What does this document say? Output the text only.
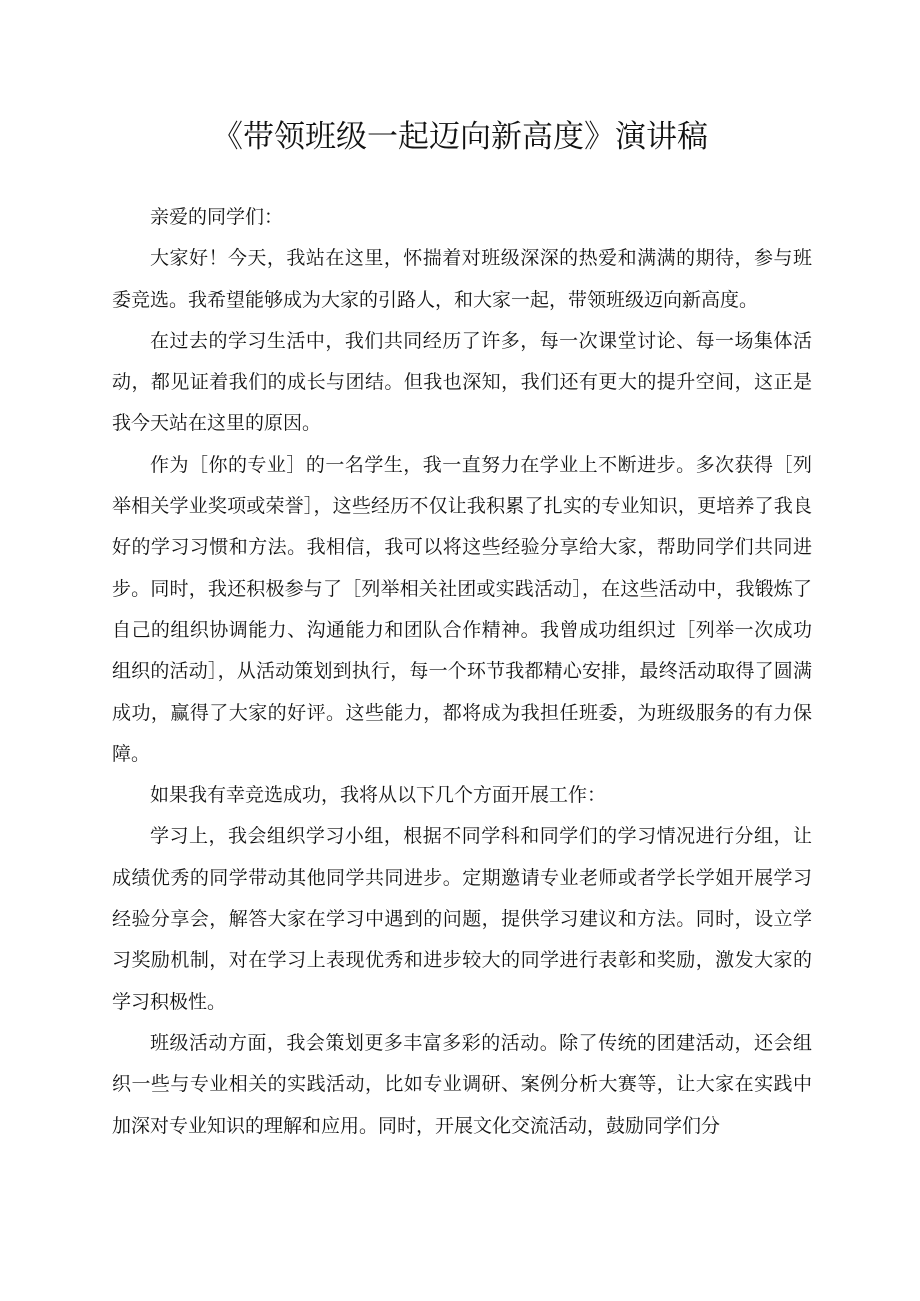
《带领班级一起迈向新高度》演讲稿

亲爱的同学们：

大家好！今天，我站在这里，怀揣着对班级深深的热爱和满满的期待，参与班委竞选。我希望能够成为大家的引路人，和大家一起，带领班级迈向新高度。

在过去的学习生活中，我们共同经历了许多，每一次课堂讨论、每一场集体活动，都见证着我们的成长与团结。但我也深知，我们还有更大的提升空间，这正是我今天站在这里的原因。

作为［你的专业］的一名学生，我一直努力在学业上不断进步。多次获得［列举相关学业奖项或荣誉］，这些经历不仅让我积累了扎实的专业知识，更培养了我良好的学习习惯和方法。我相信，我可以将这些经验分享给大家，帮助同学们共同进步。同时，我还积极参与了［列举相关社团或实践活动］，在这些活动中，我锻炼了自己的组织协调能力、沟通能力和团队合作精神。我曾成功组织过［列举一次成功组织的活动］，从活动策划到执行，每一个环节我都精心安排，最终活动取得了圆满成功，赢得了大家的好评。这些能力，都将成为我担任班委，为班级服务的有力保障。

如果我有幸竞选成功，我将从以下几个方面开展工作：

学习上，我会组织学习小组，根据不同学科和同学们的学习情况进行分组，让成绩优秀的同学带动其他同学共同进步。定期邀请专业老师或者学长学姐开展学习经验分享会，解答大家在学习中遇到的问题，提供学习建议和方法。同时，设立学习奖励机制，对在学习上表现优秀和进步较大的同学进行表彰和奖励，激发大家的学习积极性。

班级活动方面，我会策划更多丰富多彩的活动。除了传统的团建活动，还会组织一些与专业相关的实践活动，比如专业调研、案例分析大赛等，让大家在实践中加深对专业知识的理解和应用。同时，开展文化交流活动，鼓励同学们分
